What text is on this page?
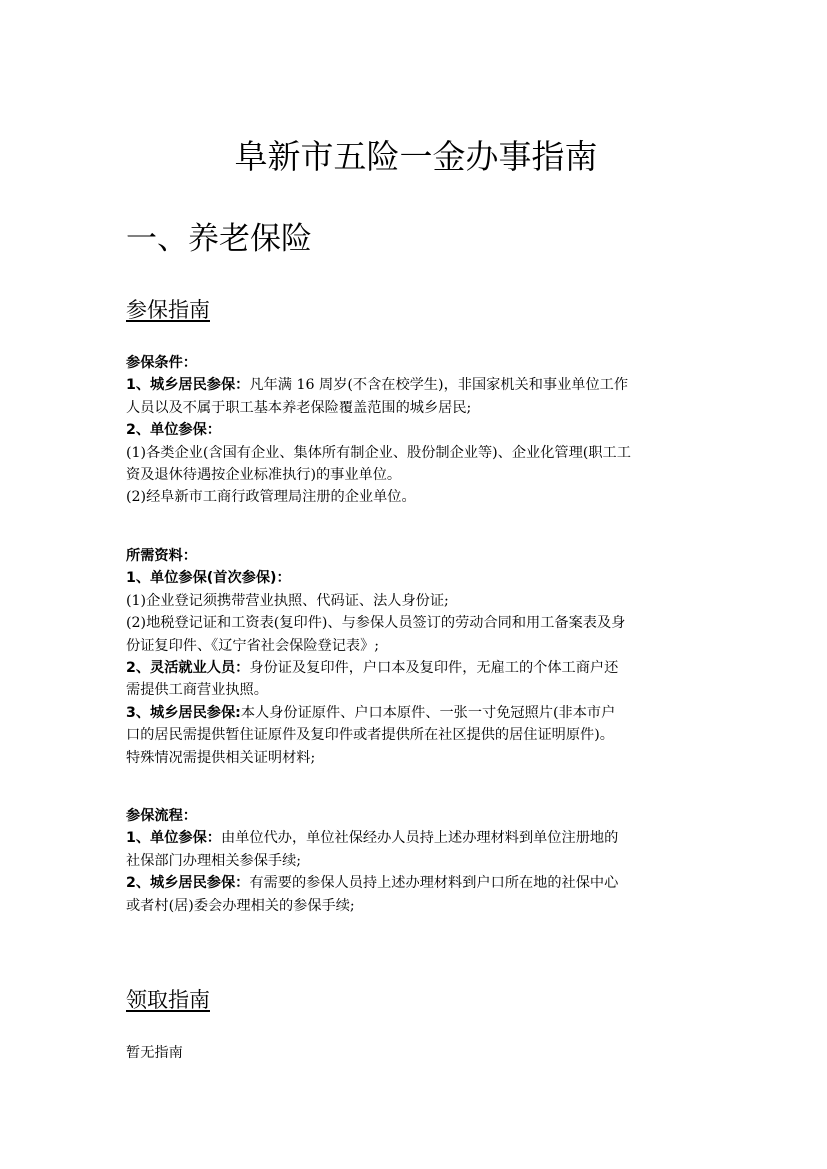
阜新市五险一金办事指南
一、养老保险
参保指南
参保条件：
1、城乡居民参保：凡年满 16 周岁(不含在校学生)，非国家机关和事业单位工作
人员以及不属于职工基本养老保险覆盖范围的城乡居民;
2、单位参保：
(1)各类企业(含国有企业、集体所有制企业、股份制企业等)、企业化管理(职工工
资及退休待遇按企业标准执行)的事业单位。
(2)经阜新市工商行政管理局注册的企业单位。
所需资料：
1、单位参保(首次参保)：
(1)企业登记须携带营业执照、代码证、法人身份证;
(2)地税登记证和工资表(复印件)、与参保人员签订的劳动合同和用工备案表及身
份证复印件、《辽宁省社会保险登记表》;
2、灵活就业人员：身份证及复印件，户口本及复印件，无雇工的个体工商户还
需提供工商营业执照。
3、城乡居民参保:本人身份证原件、户口本原件、一张一寸免冠照片(非本市户
口的居民需提供暂住证原件及复印件或者提供所在社区提供的居住证明原件)。
特殊情况需提供相关证明材料;
参保流程：
1、单位参保：由单位代办，单位社保经办人员持上述办理材料到单位注册地的
社保部门办理相关参保手续;
2、城乡居民参保：有需要的参保人员持上述办理材料到户口所在地的社保中心
或者村(居)委会办理相关的参保手续;
领取指南
暂无指南
